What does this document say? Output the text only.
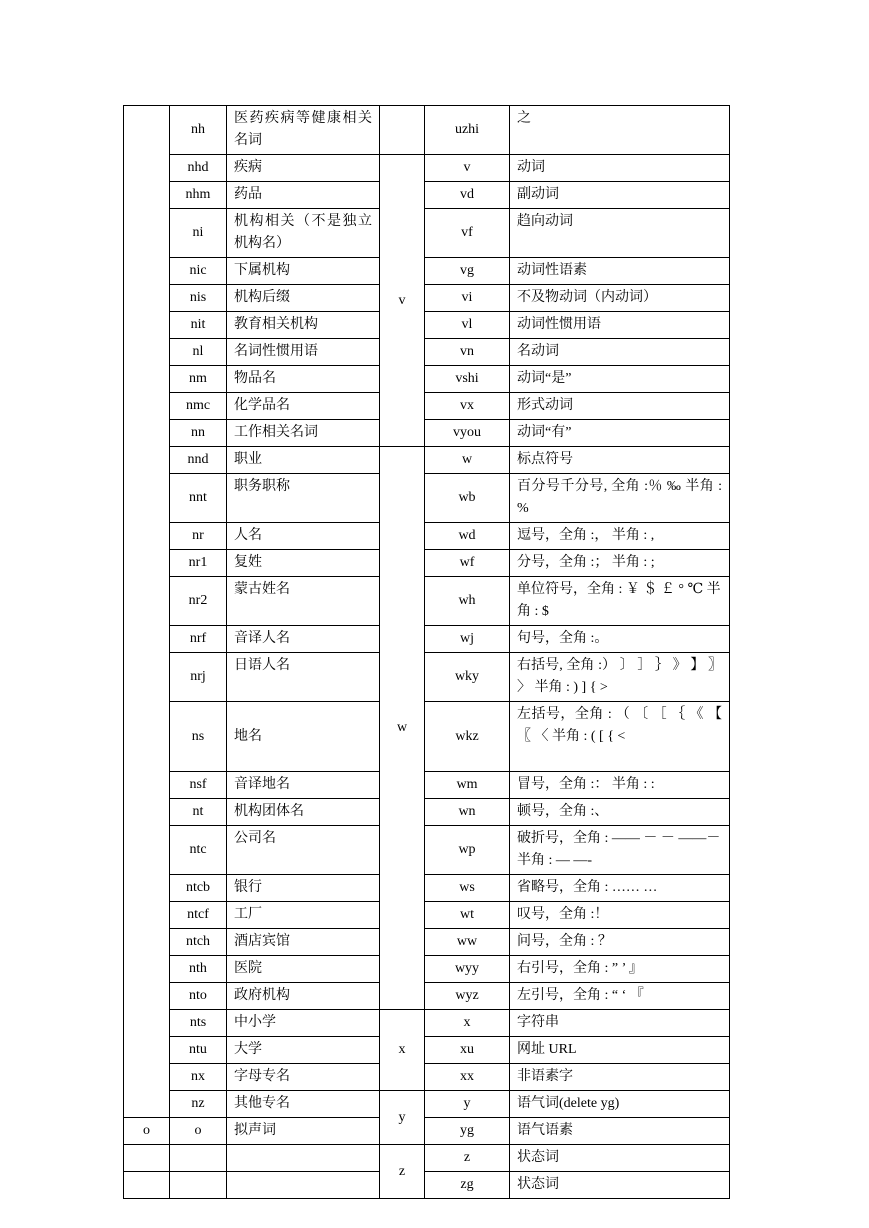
	nh	医药疾病等健康相关名词		uzhi	之
	nhd	疾病	v	v	动词
	nhm	药品		vd	副动词
	ni	机构相关（不是独立机构名）		vf	趋向动词
	nic	下属机构		vg	动词性语素
	nis	机构后缀		vi	不及物动词（内动词）
	nit	教育相关机构		vl	动词性惯用语
	nl	名词性惯用语		vn	名动词
	nm	物品名		vshi	动词“是”
	nmc	化学品名		vx	形式动词
	nn	工作相关名词		vyou	动词“有”
	nnd	职业	w	w	标点符号
	nnt	职务职称		wb	百分号千分号, 全角 :％ ‰ 半角 : %
	nr	人名		wd	逗号，全角 :， 半角 : ,
	nr1	复姓		wf	分号，全角 :； 半角 : ;
	nr2	蒙古姓名		wh	单位符号，全角 : ￥ ＄ ￡ ° ℃ 半角 : $
	nrf	音译人名		wj	句号，全角 :。
	nrj	日语人名		wky	右括号, 全角 :） 〕 ］ ｝ 》 】 〗 〉 半角 : ) ] { >
	ns	地名		wkz	左括号，全角 : （ 〔 ［ ｛ 《 【 〖 〈 半角 : ( [ { <
	nsf	音译地名		wm	冒号，全角 :： 半角 : :
	nt	机构团体名		wn	顿号，全角 :、
	ntc	公司名		wp	破折号，全角 : —— － － ——－ 半角 : — —-
	ntcb	银行		ws	省略号，全角 : …… …
	ntcf	工厂		wt	叹号，全角 :！
	ntch	酒店宾馆		ww	问号，全角 : ？
	nth	医院		wyy	右引号，全角 : ” ’ 』
	nto	政府机构		wyz	左引号，全角 : “ ‘ 『
	nts	中小学	x	x	字符串
	ntu	大学		xu	网址 URL
	nx	字母专名		xx	非语素字
	nz	其他专名	y	y	语气词(delete yg)
o	o	拟声词		yg	语气语素
			z	z	状态词
				zg	状态词
